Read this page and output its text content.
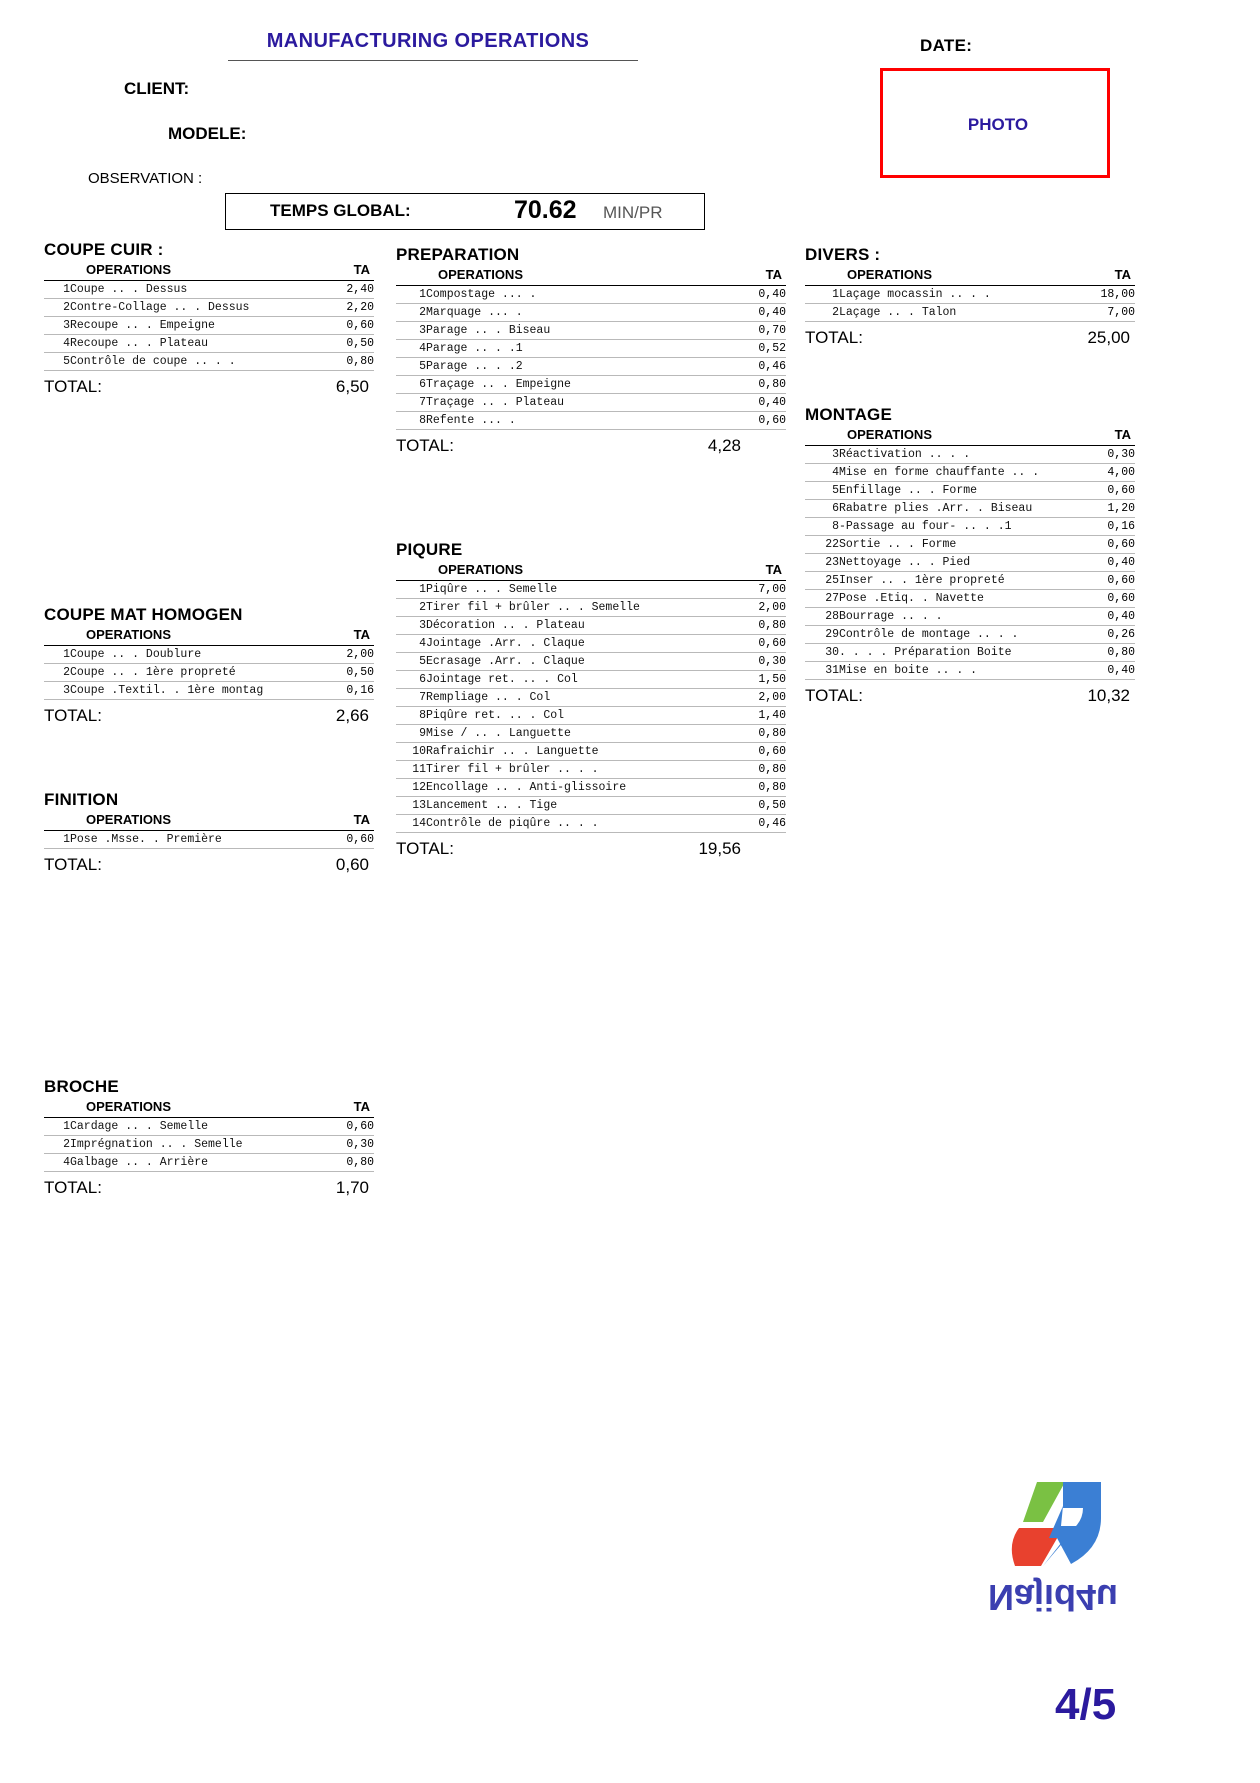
MANUFACTURING OPERATIONS	DATE:
PHOTO
CLIENT:
MODELE:
OBSERVATION :
TEMPS GLOBAL:	70.62 MIN/PR
COUPE CUIR :
OPERATIONS	TA
1	Coupe .. . Dessus	2,40
2	Contre-Collage .. . Dessus	2,20
3	Recoupe .. . Empeigne	0,60
4	Recoupe .. . Plateau	0,50
5	Contrôle de coupe .. . .	0,80
TOTAL:	6,50
COUPE MAT HOMOGEN
OPERATIONS	TA
1	Coupe .. . Doublure	2,00
2	Coupe .. . 1ère propreté	0,50
3	Coupe .Textil. . 1ère montag	0,16
TOTAL:	2,66
FINITION
OPERATIONS	TA
1	Pose .Msse. . Première	0,60
TOTAL:	0,60
BROCHE
OPERATIONS	TA
1	Cardage .. . Semelle	0,60
2	Imprégnation .. . Semelle	0,30
4	Galbage .. . Arrière	0,80
TOTAL:	1,70
PREPARATION
OPERATIONS	TA
1	Compostage ... .	0,40
2	Marquage ... .	0,40
3	Parage .. . Biseau	0,70
4	Parage .. . .1	0,52
5	Parage .. . .2	0,46
6	Traçage .. . Empeigne	0,80
7	Traçage .. . Plateau	0,40
8	Refente ... .	0,60
TOTAL:	4,28
PIQURE
OPERATIONS	TA
1	Piqûre .. . Semelle	7,00
2	Tirer fil + brûler .. . Semelle	2,00
3	Décoration .. . Plateau	0,80
4	Jointage .Arr. . Claque	0,60
5	Ecrasage .Arr. . Claque	0,30
6	Jointage ret. .. . Col	1,50
7	Rempliage .. . Col	2,00
8	Piqûre ret. .. . Col	1,40
9	Mise / .. . Languette	0,80
10	Rafraichir .. . Languette	0,60
11	Tirer fil + brûler .. . .	0,80
12	Encollage .. . Anti-glissoire	0,80
13	Lancement .. . Tige	0,50
14	Contrôle de piqûre .. . .	0,46
TOTAL:	19,56
DIVERS :
OPERATIONS	TA
1	Laçage mocassin .. . .	18,00
2	Laçage .. . Talon	7,00
TOTAL:	25,00
MONTAGE
OPERATIONS	TA
3	Réactivation .. . .	0,30
4	Mise en forme chauffante .. .	4,00
5	Enfillage .. . Forme	0,60
6	Rabatre plies .Arr. . Biseau	1,20
8	-Passage au four- .. . .1	0,16
22	Sortie .. . Forme	0,60
23	Nettoyage .. . Pied	0,40
25	Inser .. . 1ère propreté	0,60
27	Pose .Etiq. . Navette	0,60
28	Bourrage .. . .	0,40
29	Contrôle de montage .. . .	0,26
30	. . . . Préparation Boite	0,80
31	Mise en boite .. . .	0,40
TOTAL:	10,32
Najid4u
4/5
